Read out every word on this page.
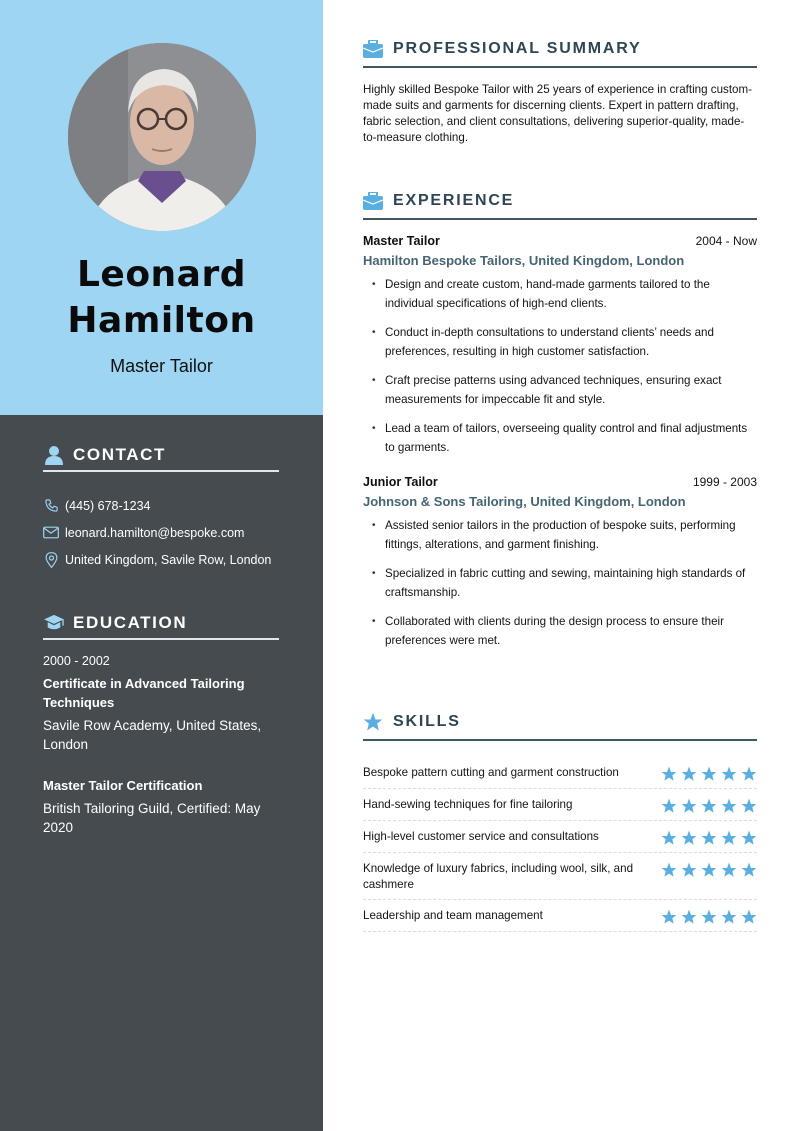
Leonard
Hamilton
Master Tailor
CONTACT
(445) 678-1234
leonard.hamilton@bespoke.com
United Kingdom, Savile Row, London
EDUCATION
2000 - 2002
Certificate in Advanced Tailoring Techniques
Savile Row Academy, United States, London
Master Tailor Certification
British Tailoring Guild, Certified: May 2020
PROFESSIONAL SUMMARY

Highly skilled Bespoke Tailor with 25 years of experience in crafting custom-made suits and garments for discerning clients. Expert in pattern drafting, fabric selection, and client consultations, delivering superior-quality, made-to-measure clothing.

EXPERIENCE
Master Tailor	2004 - Now
Hamilton Bespoke Tailors, United Kingdom, London
• Design and create custom, hand-made garments tailored to the individual specifications of high-end clients.
• Conduct in-depth consultations to understand clients’ needs and preferences, resulting in high customer satisfaction.
• Craft precise patterns using advanced techniques, ensuring exact measurements for impeccable fit and style.
• Lead a team of tailors, overseeing quality control and final adjustments to garments.
Junior Tailor	1999 - 2003
Johnson & Sons Tailoring, United Kingdom, London
• Assisted senior tailors in the production of bespoke suits, performing fittings, alterations, and garment finishing.
• Specialized in fabric cutting and sewing, maintaining high standards of craftsmanship.
• Collaborated with clients during the design process to ensure their preferences were met.
SKILLS
Bespoke pattern cutting and garment construction
Hand-sewing techniques for fine tailoring
High-level customer service and consultations
Knowledge of luxury fabrics, including wool, silk, and cashmere
Leadership and team management
